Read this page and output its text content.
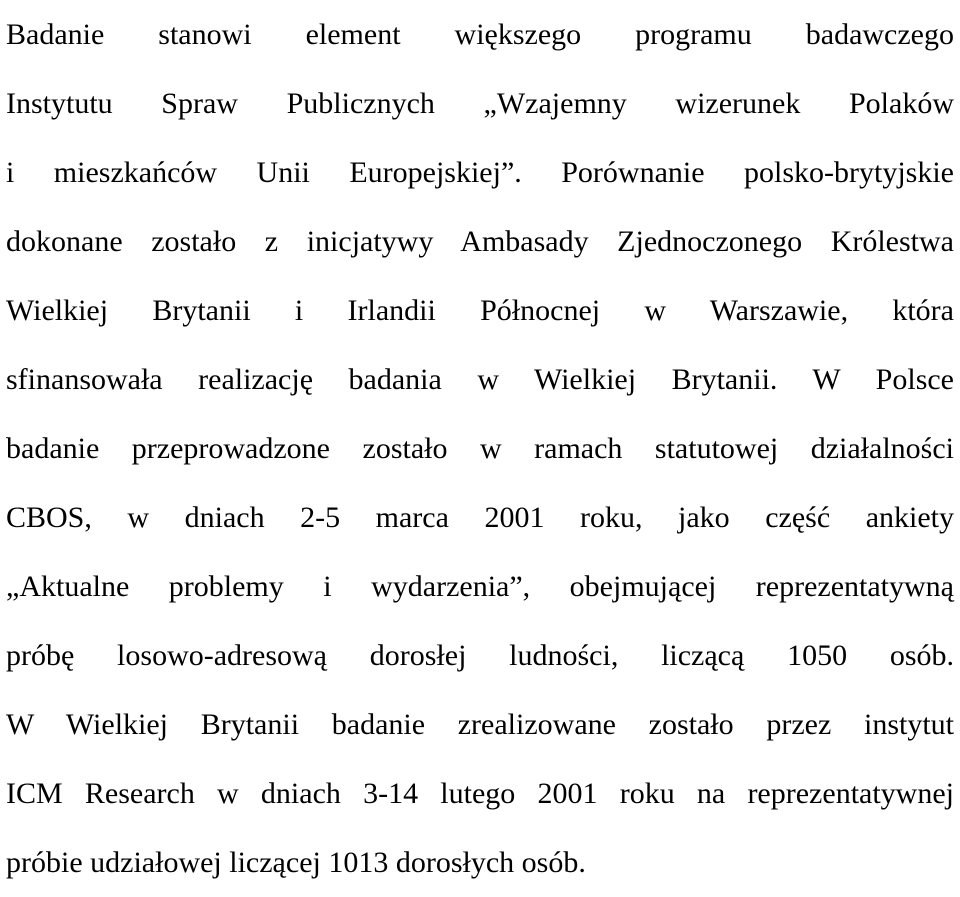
Badanie stanowi element większego programu badawczego
Instytutu Spraw Publicznych „Wzajemny wizerunek Polaków
i mieszkańców Unii Europejskiej”. Porównanie polsko-brytyjskie
dokonane zostało z inicjatywy Ambasady Zjednoczonego Królestwa
Wielkiej Brytanii i Irlandii Północnej w Warszawie, która
sfinansowała realizację badania w Wielkiej Brytanii. W Polsce
badanie przeprowadzone zostało w ramach statutowej działalności
CBOS, w dniach 2-5 marca 2001 roku, jako część ankiety
„Aktualne problemy i wydarzenia”, obejmującej reprezentatywną
próbę losowo-adresową dorosłej ludności, liczącą 1050 osób.
W Wielkiej Brytanii badanie zrealizowane zostało przez instytut
ICM Research w dniach 3-14 lutego 2001 roku na reprezentatywnej
próbie udziałowej liczącej 1013 dorosłych osób.
